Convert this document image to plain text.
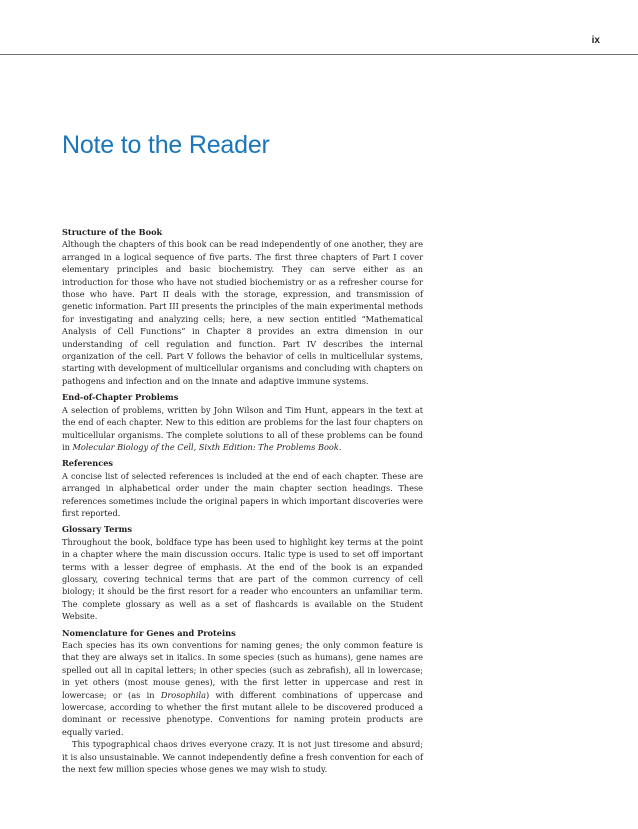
ix
Note to the Reader

Structure of the Book

Although the chapters of this book can be read independently of one another, they are arranged in a logical sequence of five parts. The first three chapters of Part I cover elementary principles and basic biochemistry. They can serve either as an introduction for those who have not studied biochemistry or as a refresher course for those who have. Part II deals with the storage, expression, and transmission of genetic information. Part III presents the principles of the main experimental methods for investigating and analyzing cells; here, a new section entitled “Mathematical Analysis of Cell Functions” in Chapter 8 provides an extra dimension in our understanding of cell regulation and function. Part IV describes the internal organization of the cell. Part V follows the behavior of cells in multicellular systems, starting with development of multicellular organisms and concluding with chapters on pathogens and infection and on the innate and adaptive immune systems.

End-of-Chapter Problems

A selection of problems, written by John Wilson and Tim Hunt, appears in the text at the end of each chapter. New to this edition are problems for the last four chapters on multicellular organisms. The complete solutions to all of these problems can be found in Molecular Biology of the Cell, Sixth Edition: The Problems Book.

References

A concise list of selected references is included at the end of each chapter. These are arranged in alphabetical order under the main chapter section headings. These references sometimes include the original papers in which important discoveries were first reported.

Glossary Terms

Throughout the book, boldface type has been used to highlight key terms at the point in a chapter where the main discussion occurs. Italic type is used to set off important terms with a lesser degree of emphasis. At the end of the book is an expanded glossary, covering technical terms that are part of the common currency of cell biology; it should be the first resort for a reader who encounters an unfamiliar term. The complete glossary as well as a set of flashcards is available on the Student Website.

Nomenclature for Genes and Proteins

Each species has its own conventions for naming genes; the only common feature is that they are always set in italics. In some species (such as humans), gene names are spelled out all in capital letters; in other species (such as zebrafish), all in lowercase; in yet others (most mouse genes), with the first letter in uppercase and rest in lowercase; or (as in Drosophila) with different combinations of uppercase and lowercase, according to whether the first mutant allele to be discovered produced a dominant or recessive phenotype. Conventions for naming protein products are equally varied.

This typographical chaos drives everyone crazy. It is not just tiresome and absurd; it is also unsustainable. We cannot independently define a fresh convention for each of the next few million species whose genes we may wish to study.
